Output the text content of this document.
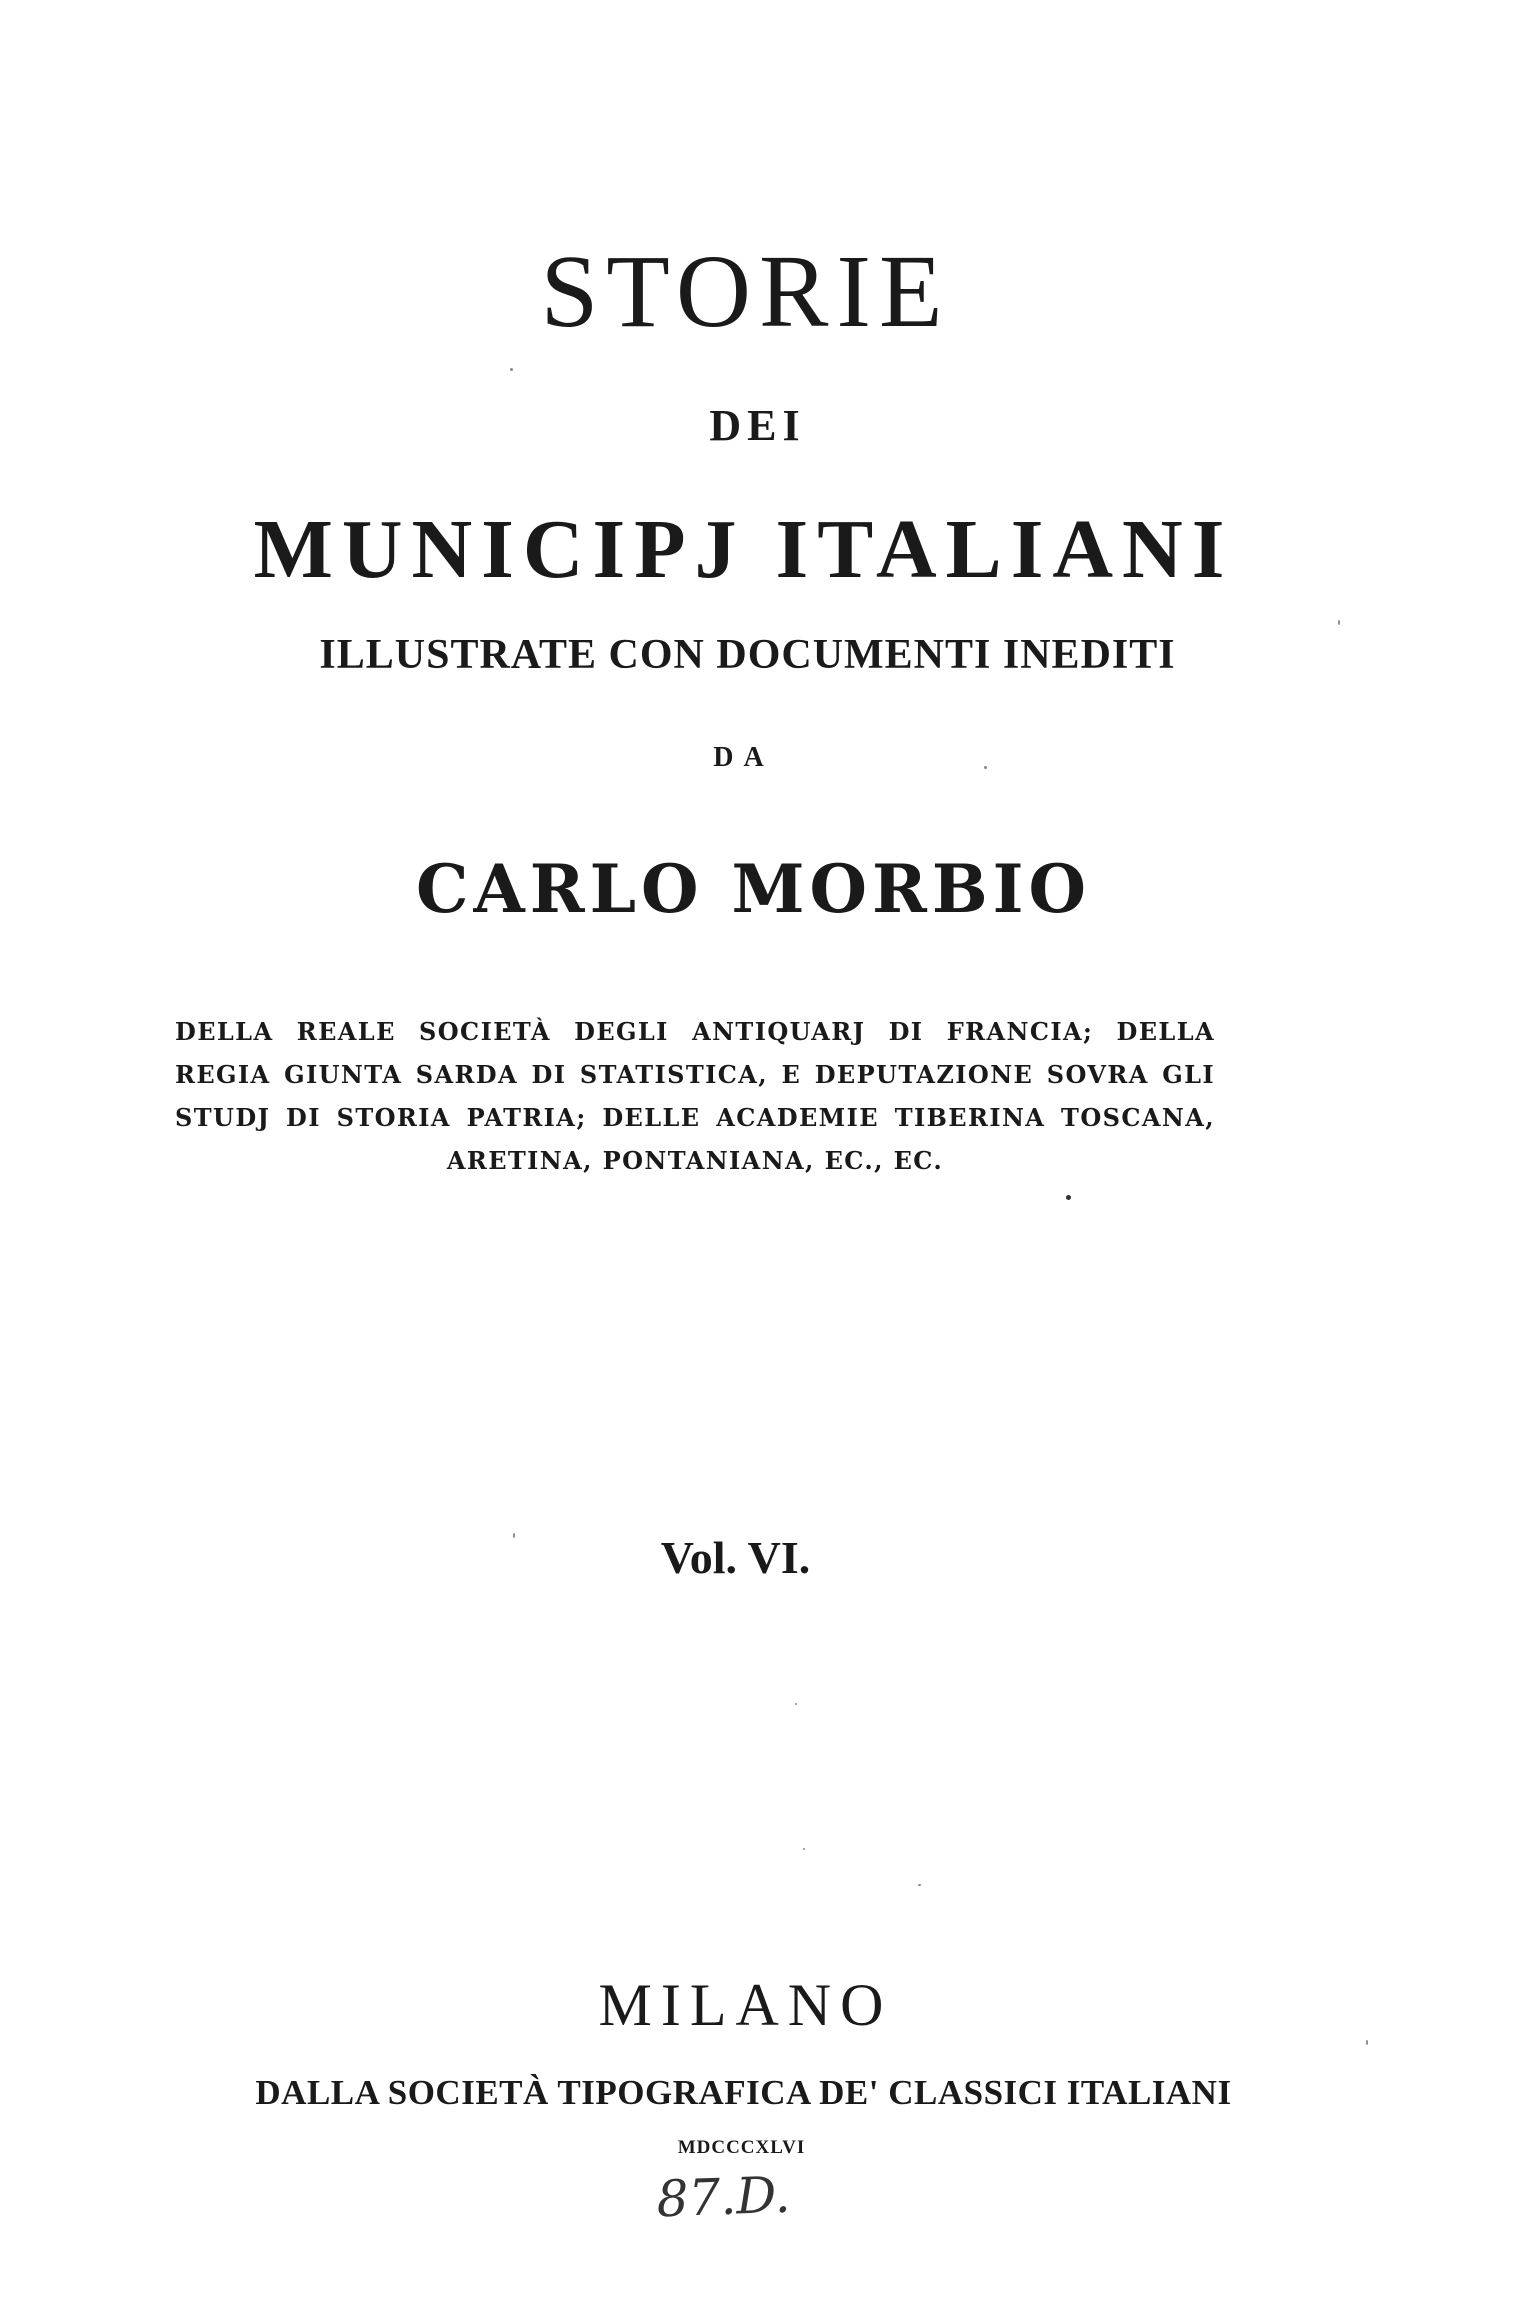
STORIE
DEI
MUNICIPJ ITALIANI
ILLUSTRATE CON DOCUMENTI INEDITI
DA
CARLO MORBIO

DELLA REALE SOCIETÀ DEGLI ANTIQUARJ DI FRANCIA; DELLA REGIA GIUNTA SARDA DI STATISTICA, E DEPUTAZIONE SOVRA GLI STUDJ DI STORIA PATRIA; DELLE ACADEMIE TIBERINA TOSCANA, ARETINA, PONTANIANA, EC., EC.

Vol. VI.
MILANO
DALLA SOCIETÀ TIPOGRAFICA DE' CLASSICI ITALIANI
MDCCCXLVI
87.D.
